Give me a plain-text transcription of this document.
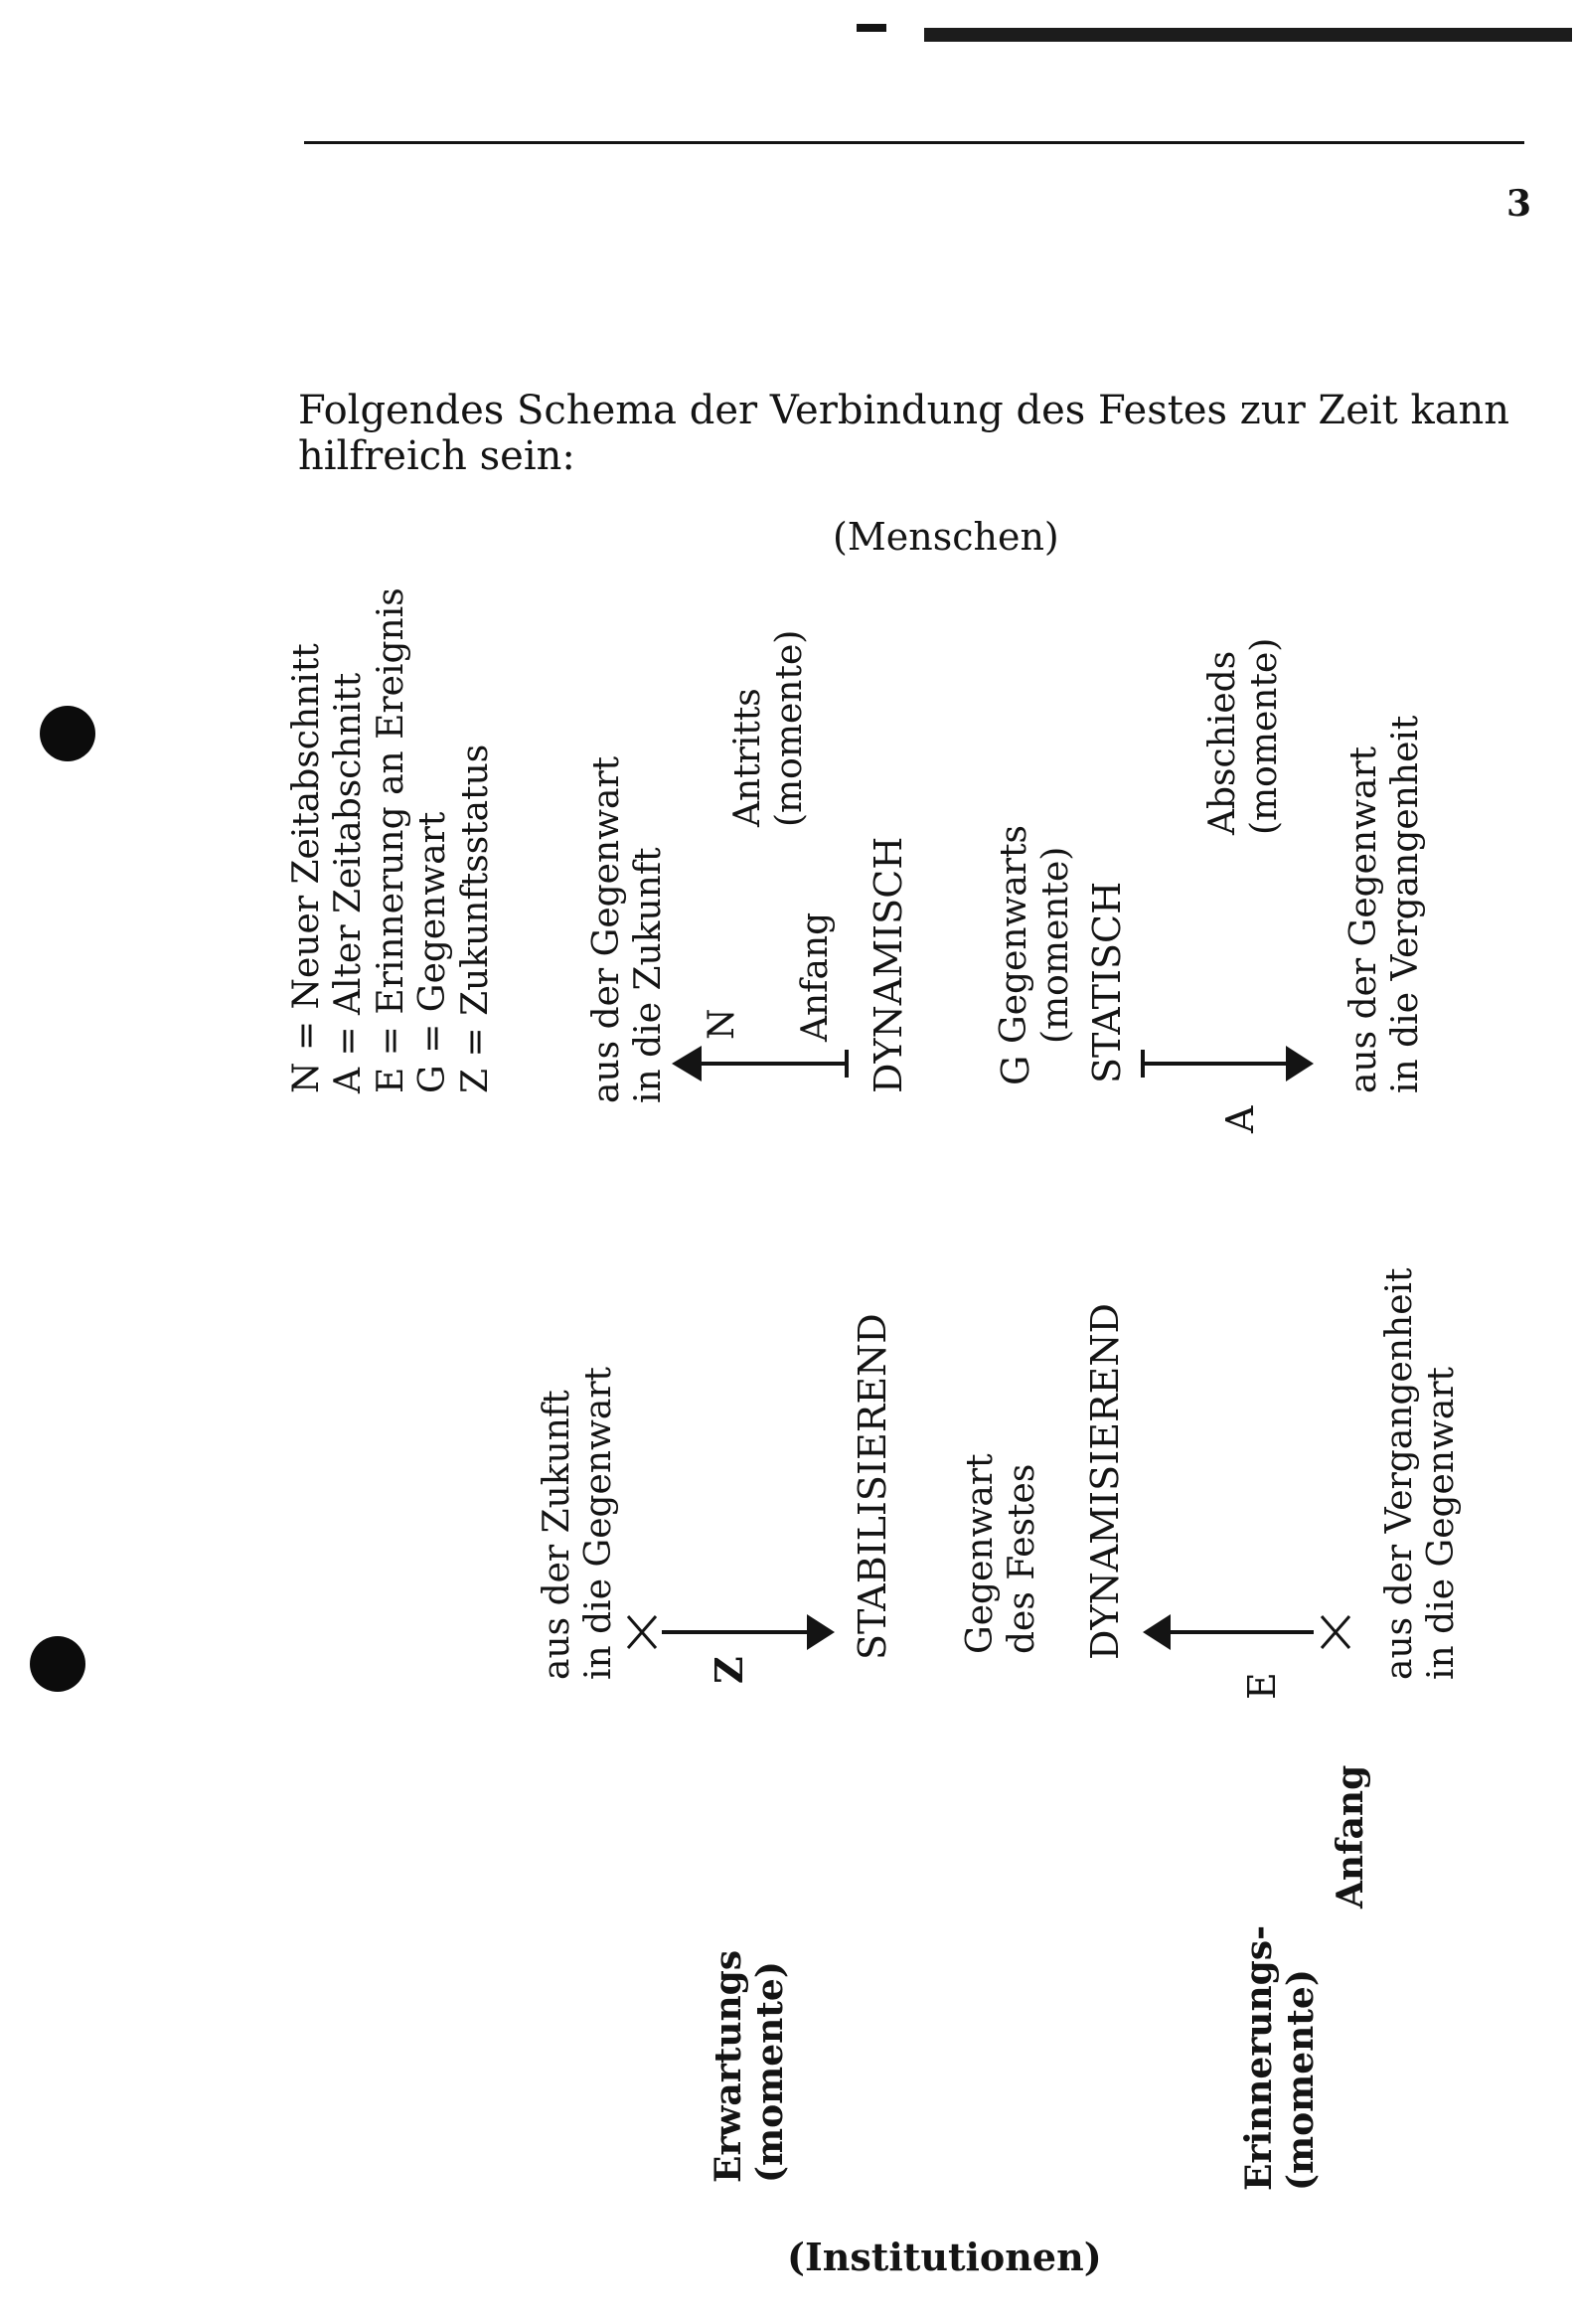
3
Folgendes Schema der Verbindung des Festes zur Zeit kann hilfreich sein:
(Menschen)
N = Neuer Zeitabschnitt A = Alter Zeitabschnitt E = Erinnerung an Ereignis G = Gegenwart Z = Zukunftsstatus	Antritts (momente)	Abschieds (momente)
aus der Gegenwart in die Zukunft N Anfang DYNAMISCH G
Gegenwarts (momente) STATISCH
A
aus der Gegenwart in die Vergangenheit
aus der Zukunft in die Gegenwart Z
STABILISIEREND Gegenwart des Festes DYNAMISIEREND
E
aus der Vergangenheit in die Gegenwart
Anfang
Erwartungs (momente)	Erinnerungs- (momente)
(Institutionen)
